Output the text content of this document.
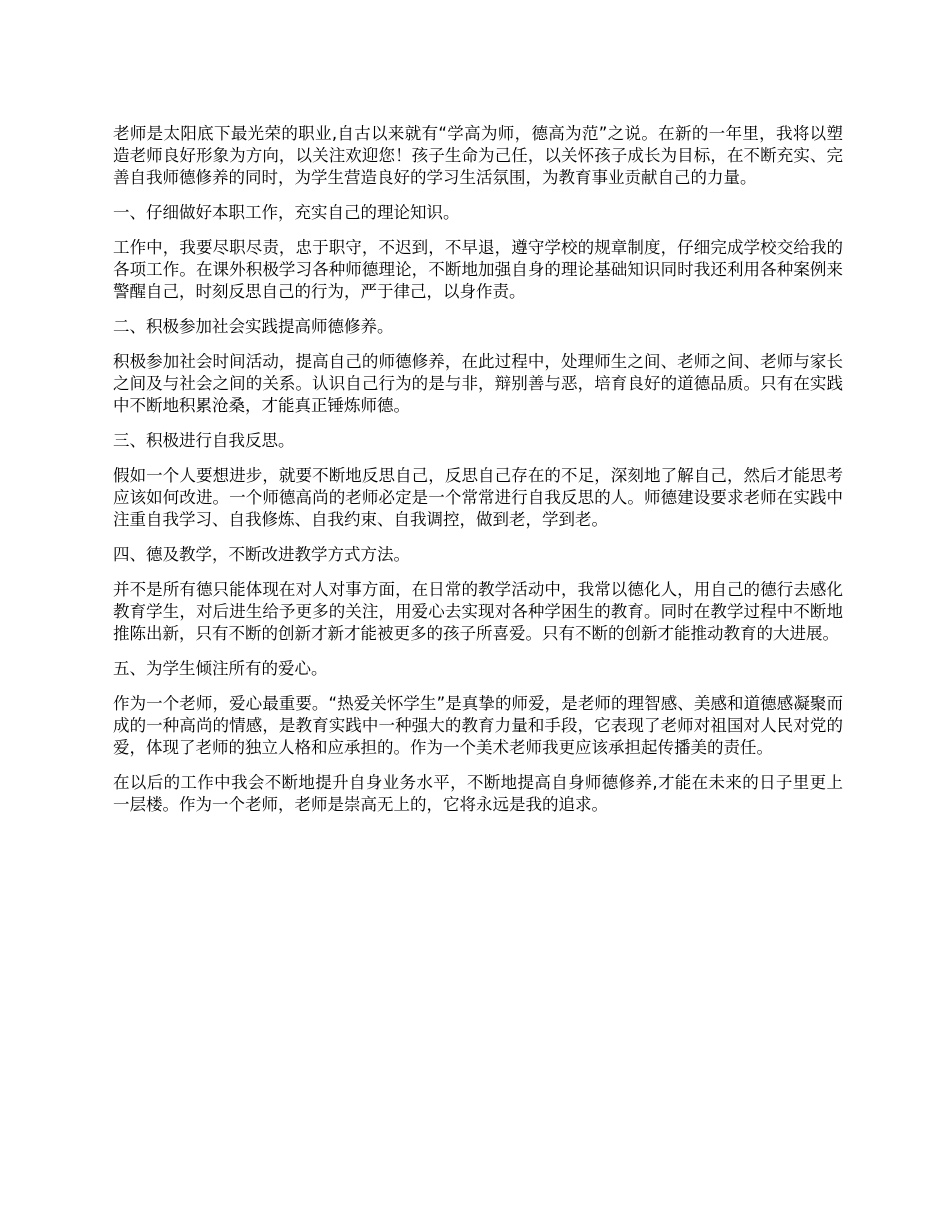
老师是太阳底下最光荣的职业,自古以来就有“学高为师，德高为范”之说。在新的一年里，我将以塑造老师良好形象为方向，以关注欢迎您！孩子生命为己任，以关怀孩子成长为目标，在不断充实、完善自我师德修养的同时，为学生营造良好的学习生活氛围，为教育事业贡献自己的力量。

一、仔细做好本职工作，充实自己的理论知识。

工作中，我要尽职尽责，忠于职守，不迟到，不早退，遵守学校的规章制度，仔细完成学校交给我的各项工作。在课外积极学习各种师德理论，不断地加强自身的理论基础知识同时我还利用各种案例来警醒自己，时刻反思自己的行为，严于律己，以身作责。

二、积极参加社会实践提高师德修养。

积极参加社会时间活动，提高自己的师德修养，在此过程中，处理师生之间、老师之间、老师与家长之间及与社会之间的关系。认识自己行为的是与非，辩别善与恶，培育良好的道德品质。只有在实践中不断地积累沧桑，才能真正锤炼师德。

三、积极进行自我反思。

假如一个人要想进步，就要不断地反思自己，反思自己存在的不足，深刻地了解自己，然后才能思考应该如何改进。一个师德高尚的老师必定是一个常常进行自我反思的人。师德建设要求老师在实践中注重自我学习、自我修炼、自我约束、自我调控，做到老，学到老。

四、德及教学，不断改进教学方式方法。

并不是所有德只能体现在对人对事方面，在日常的教学活动中，我常以德化人，用自己的德行去感化教育学生，对后进生给予更多的关注，用爱心去实现对各种学困生的教育。同时在教学过程中不断地推陈出新，只有不断的创新才新才能被更多的孩子所喜爱。只有不断的创新才能推动教育的大进展。

五、为学生倾注所有的爱心。

作为一个老师，爱心最重要。“热爱关怀学生”是真挚的师爱，是老师的理智感、美感和道德感凝聚而成的一种高尚的情感，是教育实践中一种强大的教育力量和手段，它表现了老师对祖国对人民对党的爱，体现了老师的独立人格和应承担的。作为一个美术老师我更应该承担起传播美的责任。

在以后的工作中我会不断地提升自身业务水平，不断地提高自身师德修养,才能在未来的日子里更上一层楼。作为一个老师，老师是崇高无上的，它将永远是我的追求。
